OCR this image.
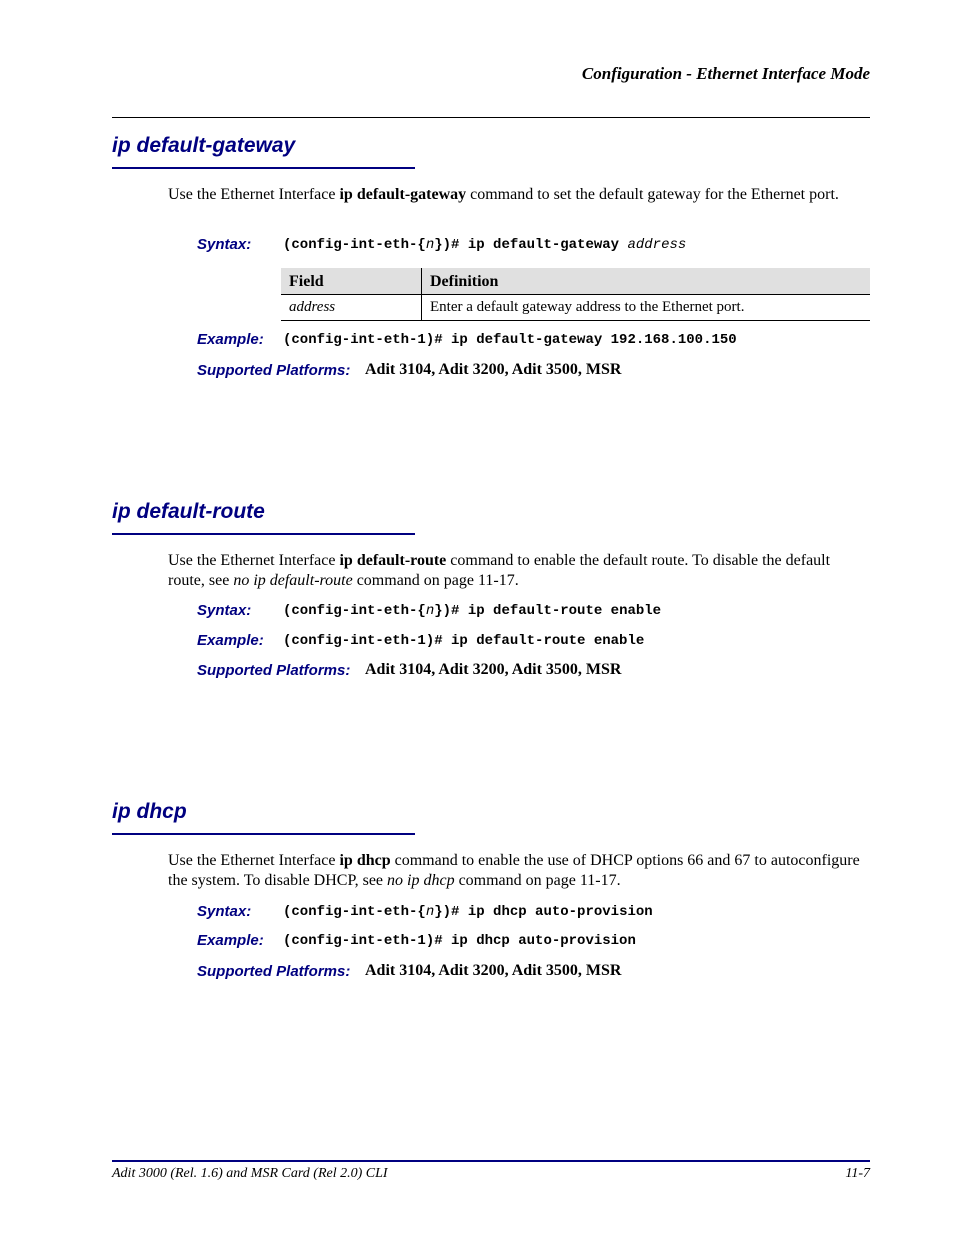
Configuration - Ethernet Interface Mode
ip default-gateway
Use the Ethernet Interface ip default-gateway command to set the default gateway for the Ethernet port.
Syntax: (config-int-eth-{n})# ip default-gateway address
Field	Definition
address	Enter a default gateway address to the Ethernet port.
Example: (config-int-eth-1)# ip default-gateway 192.168.100.150
Supported Platforms: Adit 3104, Adit 3200, Adit 3500, MSR
ip default-route
Use the Ethernet Interface ip default-route command to enable the default route. To disable the default route, see no ip default-route command on page 11-17.
Syntax: (config-int-eth-{n})# ip default-route enable
Example: (config-int-eth-1)# ip default-route enable
Supported Platforms: Adit 3104, Adit 3200, Adit 3500, MSR
ip dhcp
Use the Ethernet Interface ip dhcp command to enable the use of DHCP options 66 and 67 to autoconfigure the system. To disable DHCP, see no ip dhcp command on page 11-17.
Syntax: (config-int-eth-{n})# ip dhcp auto-provision
Example: (config-int-eth-1)# ip dhcp auto-provision
Supported Platforms: Adit 3104, Adit 3200, Adit 3500, MSR
Adit 3000 (Rel. 1.6) and MSR Card (Rel 2.0) CLI	11-7
